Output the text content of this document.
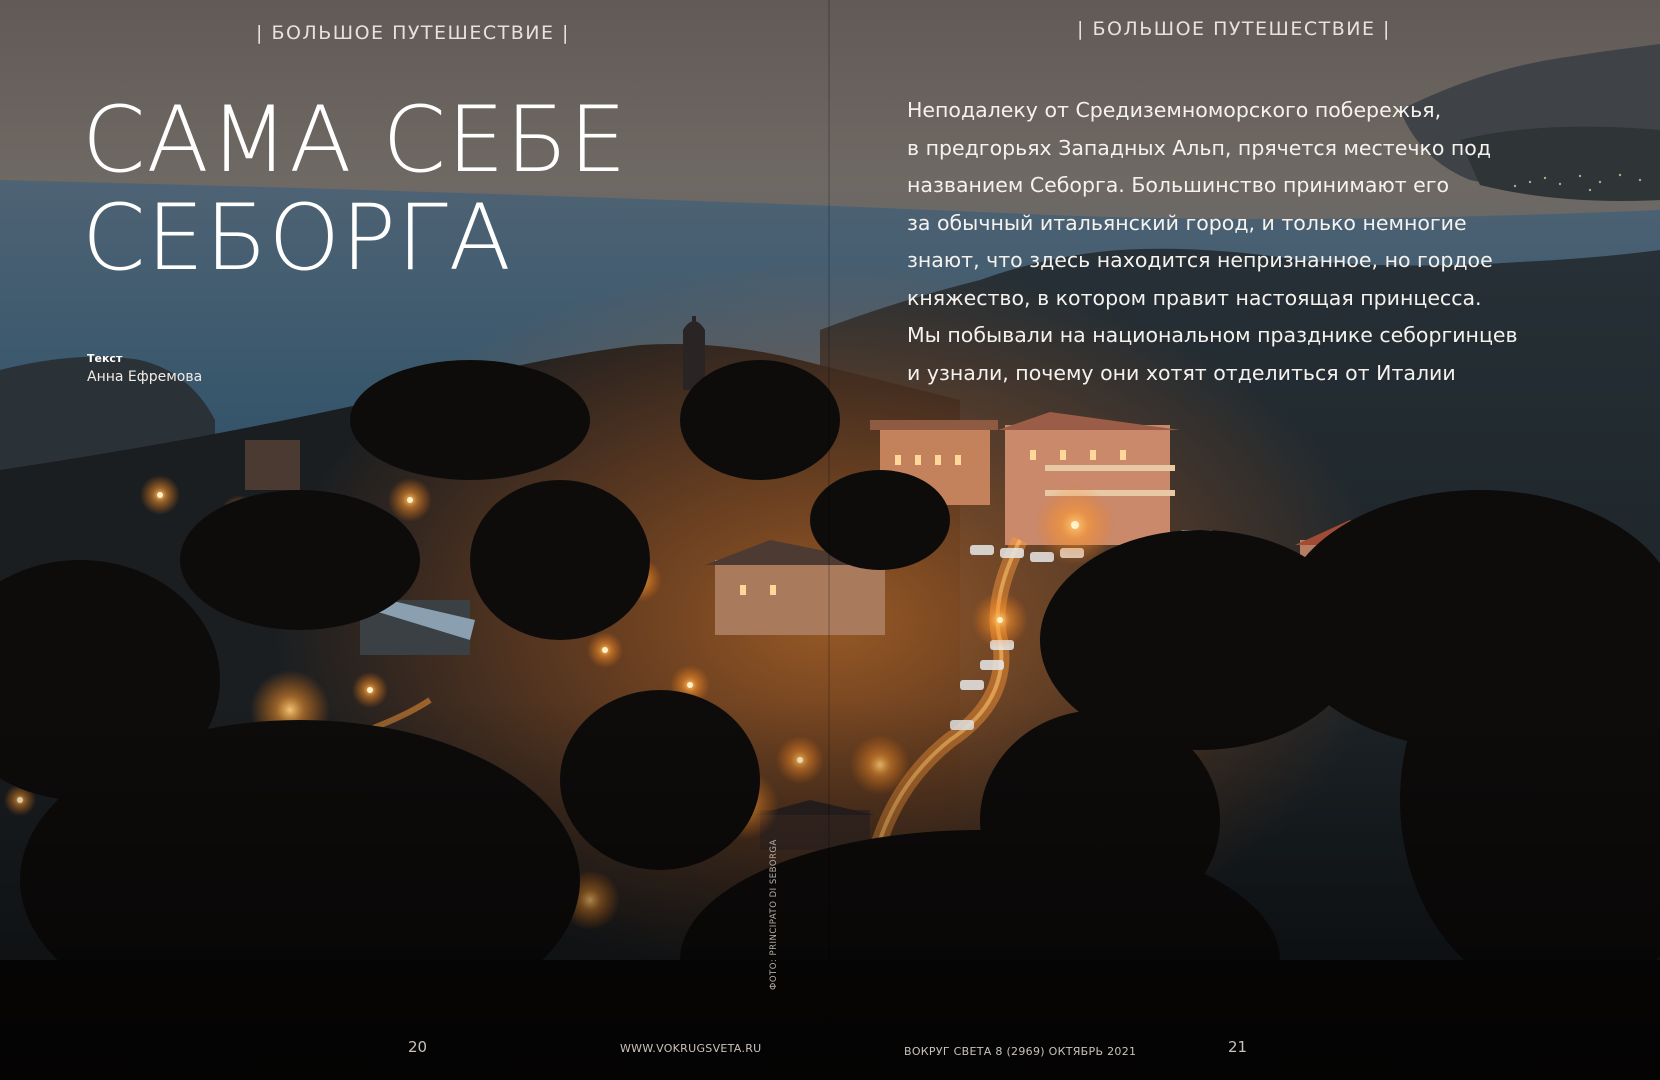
| БОЛЬШОЕ ПУТЕШЕСТВИЕ |	| БОЛЬШОЕ ПУТЕШЕСТВИЕ |
САМА СЕБЕ
СЕБОРГА
Текст
Анна Ефремова

Неподалеку от Средиземноморского побережья,
в предгорьях Западных Альп, прячется местечко под
названием Себорга. Большинство принимают его
за обычный итальянский город, и только немногие
знают, что здесь находится непризнанное, но гордое
княжество, в котором правит настоящая принцесса.
Мы побывали на национальном празднике себоргинцев
и узнали, почему они хотят отделиться от Италии

ФОТО: PRINCIPATO DI SEBORGA
20	WWW.VOKRUGSVETA.RU	ВОКРУГ СВЕТА 8 (2969) ОКТЯБРЬ 2021	21
